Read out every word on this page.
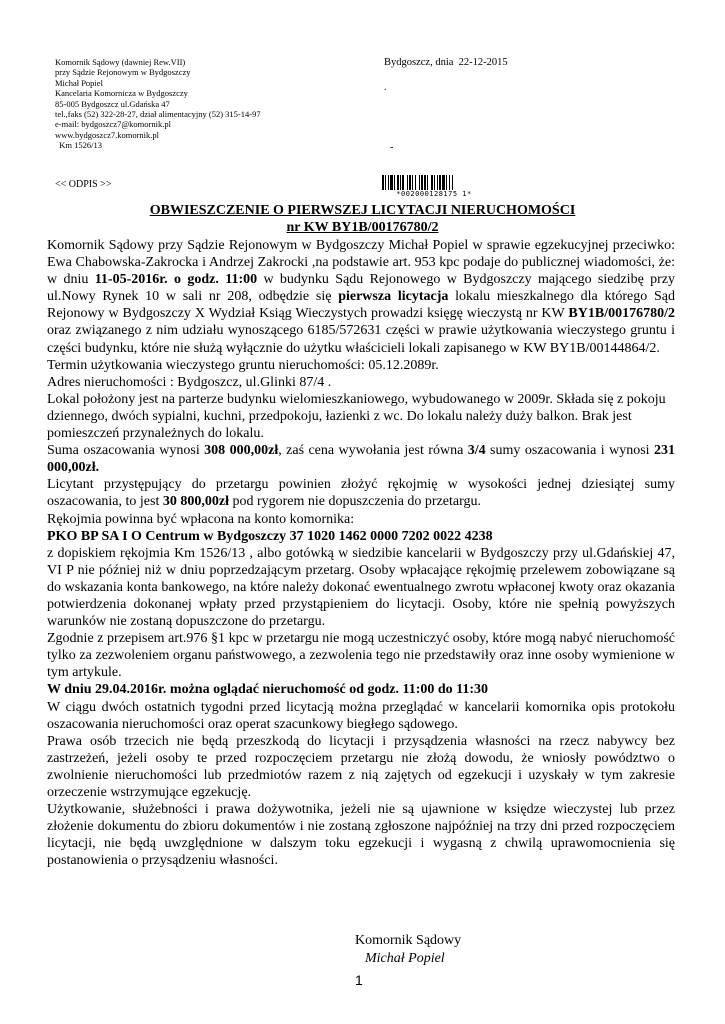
Komornik Sądowy (dawniej Rew.VII)
przy Sądzie Rejonowym w Bydgoszczy
Michał Popiel
Kancelaria Komornicza w Bydgoszczy
85-005 Bydgoszcz ul.Gdańska 47
tel.,faks (52) 322-28-27, dział alimentacyjny (52) 315-14-97
e-mail: bydgoszcz7@komornik.pl
www.bydgoszcz7.komornik.pl
Km 1526/13
Bydgoszcz, dnia  22-12-2015
.
-
<< ODPIS >>
*002000128175 1*
OBWIESZCZENIE O PIERWSZEJ LICYTACJI NIERUCHOMOŚCI
nr KW BY1B/00176780/2

Komornik Sądowy przy Sądzie Rejonowym w Bydgoszczy Michał Popiel w sprawie egzekucyjnej przeciwko: Ewa Chabowska-Zakrocka i Andrzej Zakrocki ,na podstawie art. 953 kpc podaje do publicznej wiadomości, że: w dniu 11-05-2016r. o godz. 11:00 w budynku Sądu Rejonowego w Bydgoszczy mającego siedzibę przy ul.Nowy Rynek 10 w sali nr 208, odbędzie się pierwsza licytacja lokalu mieszkalnego dla którego Sąd Rejonowy w Bydgoszczy X Wydział Ksiąg Wieczystych prowadzi księgę wieczystą nr KW BY1B/00176780/2 oraz związanego z nim udziału wynoszącego 6185/572631 części w prawie użytkowania wieczystego gruntu i części budynku, które nie służą wyłącznie do użytku właścicieli lokali zapisanego w KW BY1B/00144864/2.

Termin użytkowania wieczystego gruntu nieruchomości: 05.12.2089r.

Adres nieruchomości : Bydgoszcz, ul.Glinki 87/4 .

Lokal położony jest na parterze budynku wielomieszkaniowego, wybudowanego w 2009r. Składa się z pokoju dziennego, dwóch sypialni, kuchni, przedpokoju, łazienki z wc. Do lokalu należy duży balkon. Brak jest pomieszczeń przynależnych do lokalu.

Suma oszacowania wynosi 308 000,00zł, zaś cena wywołania jest równa 3/4 sumy oszacowania i wynosi 231 000,00zł.

Licytant przystępujący do przetargu powinien złożyć rękojmię w wysokości jednej dziesiątej sumy oszacowania, to jest 30 800,00zł pod rygorem nie dopuszczenia do przetargu.

Rękojmia powinna być wpłacona na konto komornika:

PKO BP SA I O Centrum w Bydgoszczy 37 1020 1462 0000 7202 0022 4238

z dopiskiem rękojmia Km 1526/13 , albo gotówką w siedzibie kancelarii w Bydgoszczy przy ul.Gdańskiej 47, VI P nie później niż w dniu poprzedzającym przetarg. Osoby wpłacające rękojmię przelewem zobowiązane są do wskazania konta bankowego, na które należy dokonać ewentualnego zwrotu wpłaconej kwoty oraz okazania potwierdzenia dokonanej wpłaty przed przystąpieniem do licytacji. Osoby, które nie spełnią powyższych warunków nie zostaną dopuszczone do przetargu.

Zgodnie z przepisem art.976 §1 kpc w przetargu nie mogą uczestniczyć osoby, które mogą nabyć nieruchomość tylko za zezwoleniem organu państwowego, a zezwolenia tego nie przedstawiły oraz inne osoby wymienione w tym artykule.

W dniu 29.04.2016r. można oglądać nieruchomość od godz. 11:00 do 11:30

W ciągu dwóch ostatnich tygodni przed licytacją można przeglądać w kancelarii komornika opis protokołu oszacowania nieruchomości oraz operat szacunkowy biegłego sądowego.

Prawa osób trzecich nie będą przeszkodą do licytacji i przysądzenia własności na rzecz nabywcy bez zastrzeżeń, jeżeli osoby te przed rozpoczęciem przetargu nie złożą dowodu, że wniosły powództwo o zwolnienie nieruchomości lub przedmiotów razem z nią zajętych od egzekucji i uzyskały w tym zakresie orzeczenie wstrzymujące egzekucję.

Użytkowanie, służebności i prawa dożywotnika, jeżeli nie są ujawnione w księdze wieczystej lub przez złożenie dokumentu do zbioru dokumentów i nie zostaną zgłoszone najpóźniej na trzy dni przed rozpoczęciem licytacji, nie będą uwzględnione w dalszym toku egzekucji i wygasną z chwilą uprawomocnienia się postanowienia o przysądzeniu własności.

Komornik Sądowy
Michał Popiel
1
